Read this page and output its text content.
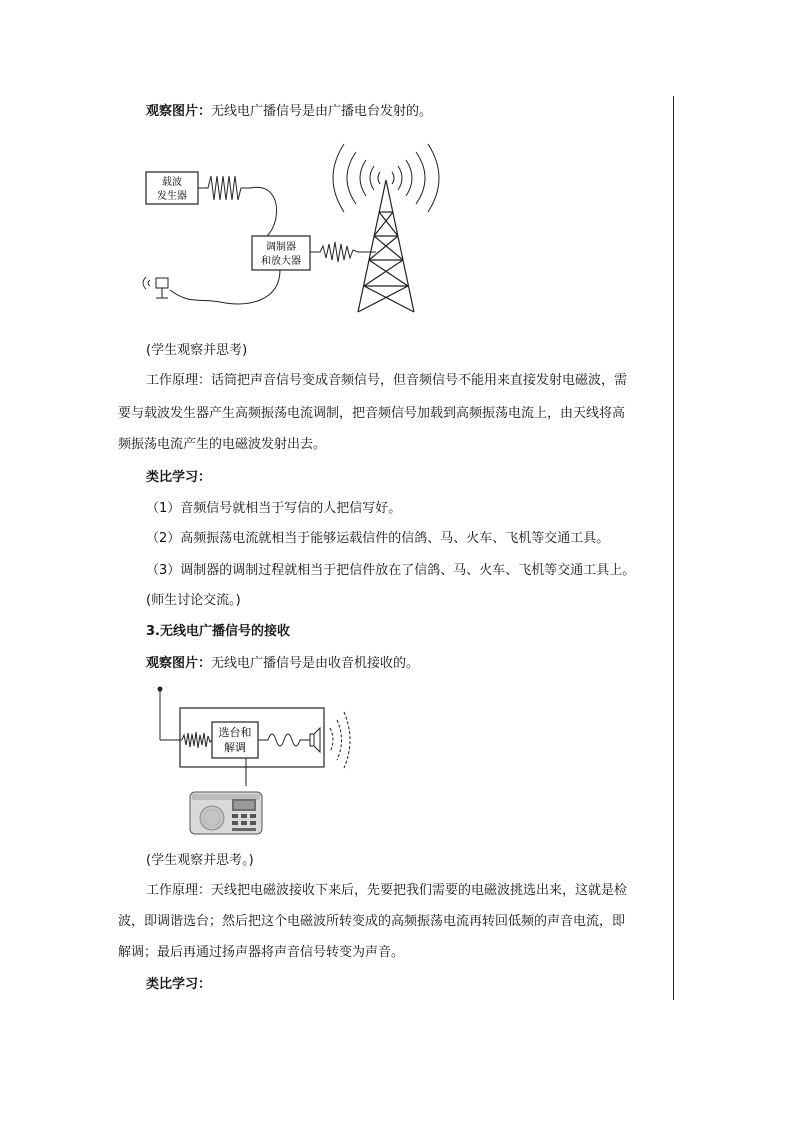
观察图片：无线电广播信号是由广播电台发射的。

载波
发生器
调制器
和放大器

(学生观察并思考)

工作原理：话筒把声音信号变成音频信号，但音频信号不能用来直接发射电磁波，需

要与载波发生器产生高频振荡电流调制，把音频信号加载到高频振荡电流上，由天线将高

频振荡电流产生的电磁波发射出去。

类比学习：

（1）音频信号就相当于写信的人把信写好。

（2）高频振荡电流就相当于能够运载信件的信鸽、马、火车、飞机等交通工具。

（3）调制器的调制过程就相当于把信件放在了信鸽、马、火车、飞机等交通工具上。

(师生讨论交流。)

3.无线电广播信号的接收

观察图片：无线电广播信号是由收音机接收的。

选台和
解调

(学生观察并思考。)

工作原理：天线把电磁波接收下来后，先要把我们需要的电磁波挑选出来，这就是检

波，即调谐选台；然后把这个电磁波所转变成的高频振荡电流再转回低频的声音电流，即

解调；最后再通过扬声器将声音信号转变为声音。

类比学习：
